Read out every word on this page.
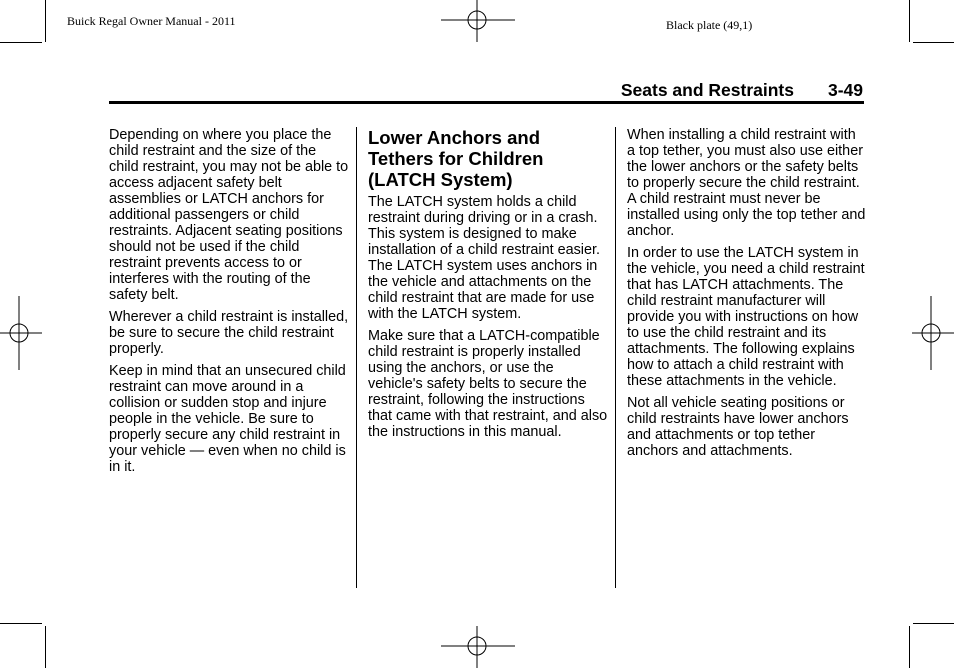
Buick Regal Owner Manual - 2011	Black plate (49,1)
Seats and Restraints 3-49

Depending on where you place the child restraint and the size of the child restraint, you may not be able to access adjacent safety belt assemblies or LATCH anchors for additional passengers or child restraints. Adjacent seating positions should not be used if the child restraint prevents access to or interferes with the routing of the safety belt.

Wherever a child restraint is installed, be sure to secure the child restraint properly.

Keep in mind that an unsecured child restraint can move around in a collision or sudden stop and injure people in the vehicle. Be sure to properly secure any child restraint in your vehicle — even when no child is in it.

Lower Anchors and Tethers for Children (LATCH System)

The LATCH system holds a child restraint during driving or in a crash. This system is designed to make installation of a child restraint easier. The LATCH system uses anchors in the vehicle and attachments on the child restraint that are made for use with the LATCH system.

Make sure that a LATCH-compatible child restraint is properly installed using the anchors, or use the vehicle's safety belts to secure the restraint, following the instructions that came with that restraint, and also the instructions in this manual.

When installing a child restraint with a top tether, you must also use either the lower anchors or the safety belts to properly secure the child restraint. A child restraint must never be installed using only the top tether and anchor.

In order to use the LATCH system in the vehicle, you need a child restraint that has LATCH attachments. The child restraint manufacturer will provide you with instructions on how to use the child restraint and its attachments. The following explains how to attach a child restraint with these attachments in the vehicle.

Not all vehicle seating positions or child restraints have lower anchors and attachments or top tether anchors and attachments.
